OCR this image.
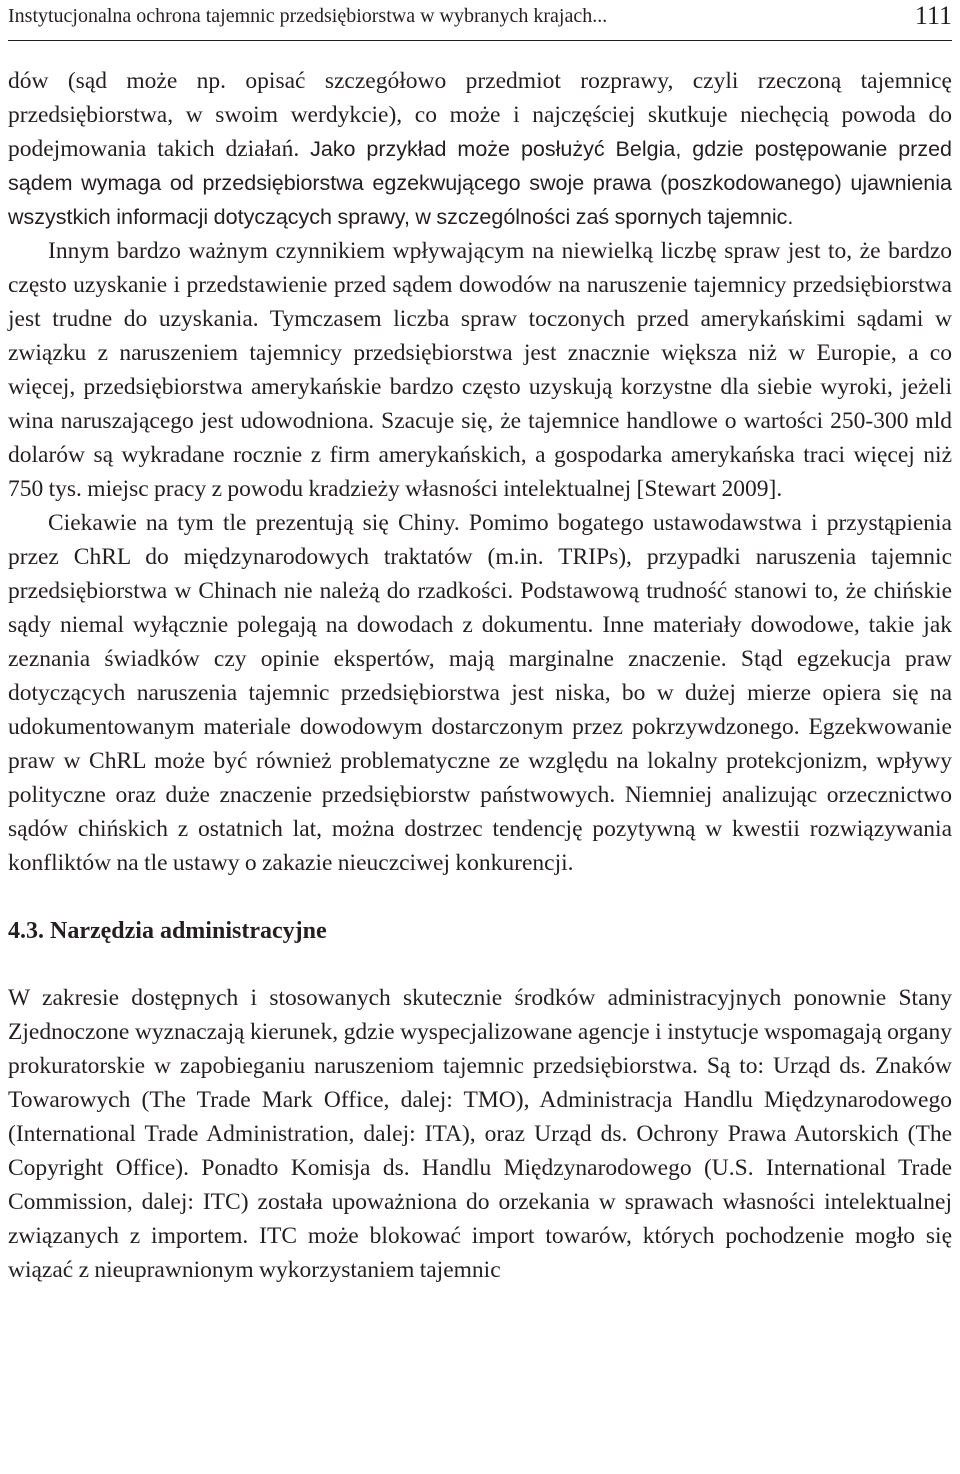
Instytucjonalna ochrona tajemnic przedsiębiorstwa w wybranych krajach...	111

dów (sąd może np. opisać szczegółowo przedmiot rozprawy, czyli rzeczoną tajemnicę przedsiębiorstwa, w swoim werdykcie), co może i najczęściej skutkuje niechęcią powoda do podejmowania takich działań. Jako przykład może posłużyć Belgia, gdzie postępowanie przed sądem wymaga od przedsiębiorstwa egzekwującego swoje prawa (poszkodowanego) ujawnienia wszystkich informacji dotyczących sprawy, w szczególności zaś spornych tajemnic.

Innym bardzo ważnym czynnikiem wpływającym na niewielką liczbę spraw jest to, że bardzo często uzyskanie i przedstawienie przed sądem dowodów na naruszenie tajemnicy przedsiębiorstwa jest trudne do uzyskania. Tymczasem liczba spraw toczonych przed amerykańskimi sądami w związku z naruszeniem tajemnicy przedsiębiorstwa jest znacznie większa niż w Europie, a co więcej, przedsiębiorstwa amerykańskie bardzo często uzyskują korzystne dla siebie wyroki, jeżeli wina naruszającego jest udowodniona. Szacuje się, że tajemnice handlowe o wartości 250-300 mld dolarów są wykradane rocznie z firm amerykańskich, a gospodarka amerykańska traci więcej niż 750 tys. miejsc pracy z powodu kradzieży własności intelektualnej [Stewart 2009].

Ciekawie na tym tle prezentują się Chiny. Pomimo bogatego ustawodawstwa i przystąpienia przez ChRL do międzynarodowych traktatów (m.in. TRIPs), przypadki naruszenia tajemnic przedsiębiorstwa w Chinach nie należą do rzadkości. Podstawową trudność stanowi to, że chińskie sądy niemal wyłącznie polegają na dowodach z dokumentu. Inne materiały dowodowe, takie jak zeznania świadków czy opinie ekspertów, mają marginalne znaczenie. Stąd egzekucja praw dotyczących naruszenia tajemnic przedsiębiorstwa jest niska, bo w dużej mierze opiera się na udokumentowanym materiale dowodowym dostarczonym przez pokrzywdzonego. Egzekwowanie praw w ChRL może być również problematyczne ze względu na lokalny protekcjonizm, wpływy polityczne oraz duże znaczenie przedsiębiorstw państwowych. Niemniej analizując orzecznictwo sądów chińskich z ostatnich lat, można dostrzec tendencję pozytywną w kwestii rozwiązywania konfliktów na tle ustawy o zakazie nieuczciwej konkurencji.

4.3. Narzędzia administracyjne

W zakresie dostępnych i stosowanych skutecznie środków administracyjnych ponownie Stany Zjednoczone wyznaczają kierunek, gdzie wyspecjalizowane agencje i instytucje wspomagają organy prokuratorskie w zapobieganiu naruszeniom tajemnic przedsiębiorstwa. Są to: Urząd ds. Znaków Towarowych (The Trade Mark Office, dalej: TMO), Administracja Handlu Międzynarodowego (International Trade Administration, dalej: ITA), oraz Urząd ds. Ochrony Prawa Autorskich (The Copyright Office). Ponadto Komisja ds. Handlu Międzynarodowego (U.S. International Trade Commission, dalej: ITC) została upoważniona do orzekania w sprawach własności intelektualnej związanych z importem. ITC może blokować import towarów, których pochodzenie mogło się wiązać z nieuprawnionym wykorzystaniem tajemnic
